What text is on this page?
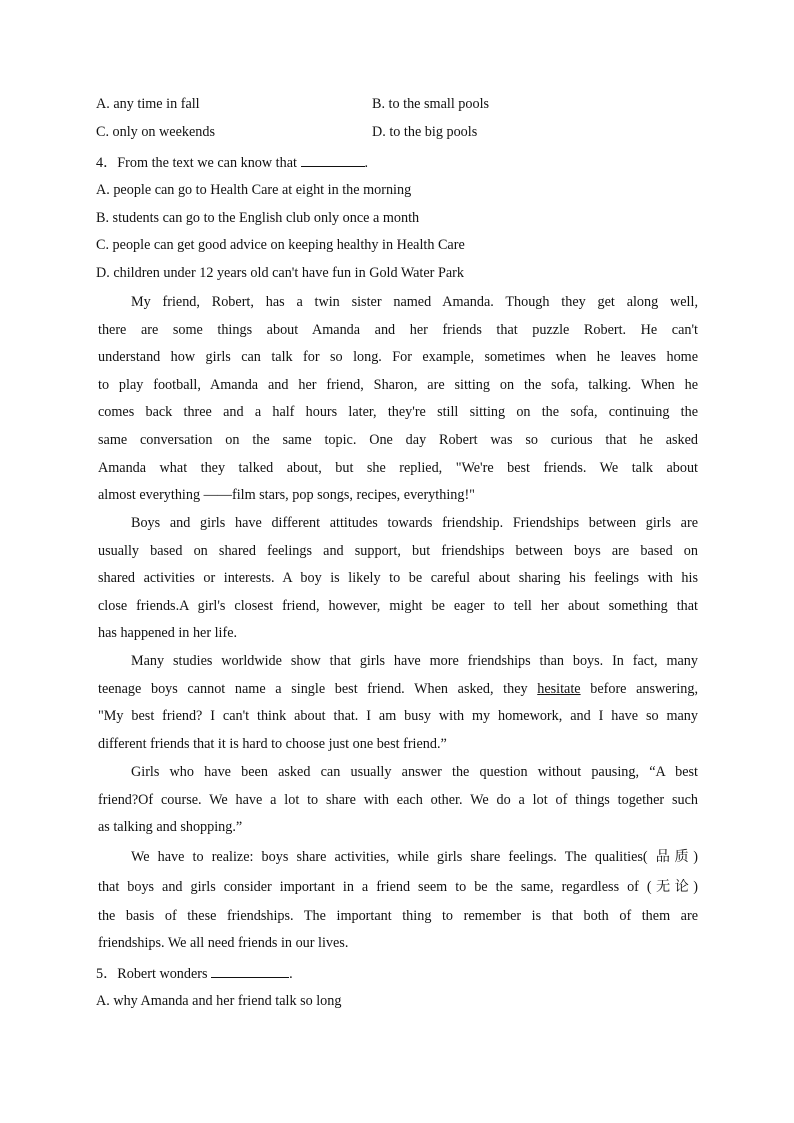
A. any time in fall	B. to the small pools
C. only on weekends	D. to the big pools
4．From the text we can know that	.
A. people can go to Health Care at eight in the morning
B. students can go to the English club only once a month
C. people can get good advice on keeping healthy in Health Care
D. children under 12 years old can't have fun in Gold Water Park
My friend, Robert, has a twin sister named Amanda. Though they get along well,
there are some things about Amanda and her friends that puzzle Robert. He can't
understand how girls can talk for so long. For example, sometimes when he leaves home
to play football, Amanda and her friend, Sharon, are sitting on the sofa, talking. When he
comes back three and a half hours later, they're still sitting on the sofa, continuing the
same conversation on the same topic. One day Robert was so curious that he asked
Amanda what they talked about, but she replied, "We're best friends. We talk about
almost everything ——film stars, pop songs, recipes, everything!"
Boys and girls have different attitudes towards friendship. Friendships between girls are
usually based on shared feelings and support, but friendships between boys are based on
shared activities or interests. A boy is likely to be careful about sharing his feelings with his
close friends.A girl's closest friend, however, might be eager to tell her about something that
has happened in her life.
Many studies worldwide show that girls have more friendships than boys. In fact, many
teenage boys cannot name a single best friend. When asked, they hesitate before answering,
"My best friend? I can't think about that. I am busy with my homework, and I have so many
different friends that it is hard to choose just one best friend.”
Girls who have been asked can usually answer the question without pausing, “A best
friend?Of course. We have a lot to share with each other. We do a lot of things together such
as talking and shopping.”
We have to realize: boys share activities, while girls share feelings. The qualities( 品质)
that boys and girls consider important in a friend seem to be the same, regardless of (无论)
the basis of these friendships. The important thing to remember is that both of them are
friendships. We all need friends in our lives.
5．Robert wonders	.
A. why Amanda and her friend talk so long
